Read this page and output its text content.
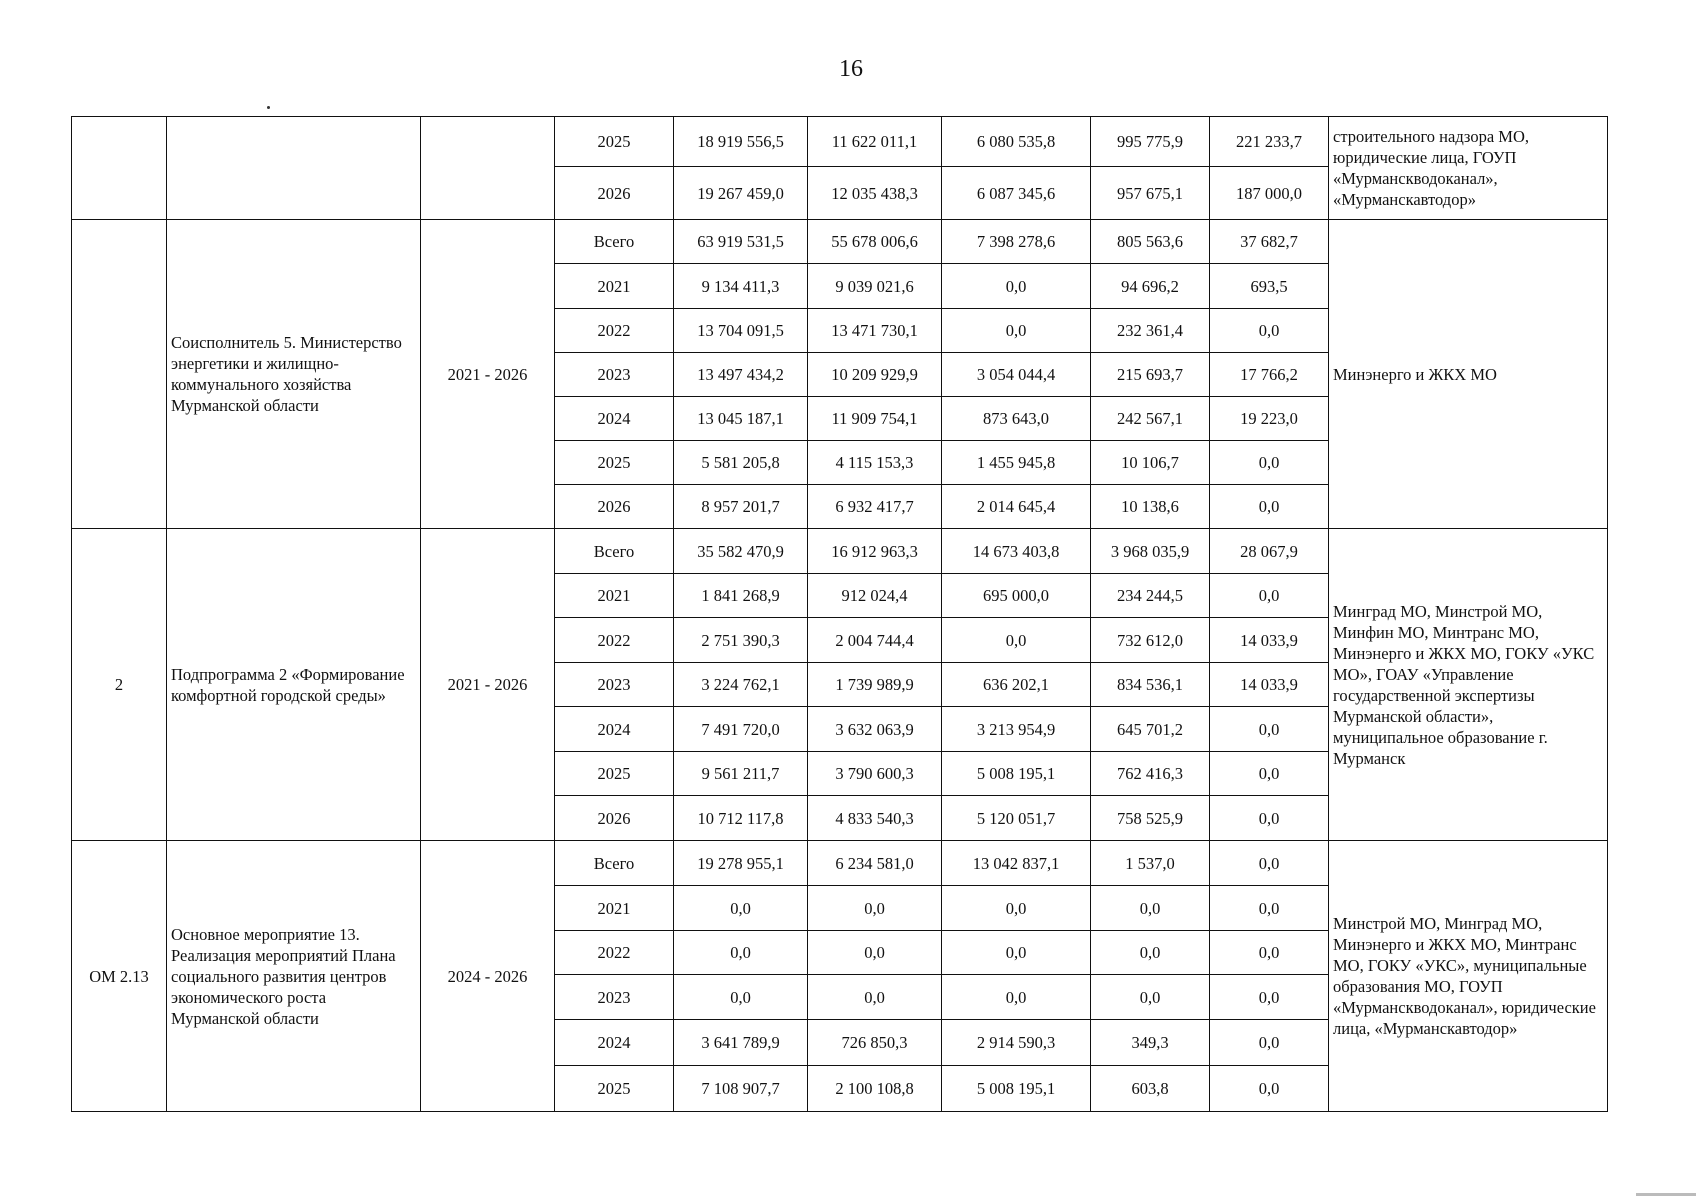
16
			2025	18 919 556,5	11 622 011,1	6 080 535,8	995 775,9	221 233,7	строительного надзора МО, юридические лица, ГОУП «Мурманскводоканал», «Мурманскавтодор»
			2026	19 267 459,0	12 035 438,3	6 087 345,6	957 675,1	187 000,0	
	Соисполнитель 5. Министерство энергетики и жилищно-коммунального хозяйства Мурманской области	2021 - 2026	Всего	63 919 531,5	55 678 006,6	7 398 278,6	805 563,6	37 682,7	Минэнерго и ЖКХ МО
			2021	9 134 411,3	9 039 021,6	0,0	94 696,2	693,5	
			2022	13 704 091,5	13 471 730,1	0,0	232 361,4	0,0	
			2023	13 497 434,2	10 209 929,9	3 054 044,4	215 693,7	17 766,2	
			2024	13 045 187,1	11 909 754,1	873 643,0	242 567,1	19 223,0	
			2025	5 581 205,8	4 115 153,3	1 455 945,8	10 106,7	0,0	
			2026	8 957 201,7	6 932 417,7	2 014 645,4	10 138,6	0,0	
2	Подпрограмма 2 «Формирование комфортной городской среды»	2021 - 2026	Всего	35 582 470,9	16 912 963,3	14 673 403,8	3 968 035,9	28 067,9	Минград МО, Минстрой МО, Минфин МО, Минтранс МО, Минэнерго и ЖКХ МО, ГОКУ «УКС МО», ГОАУ «Управление государственной экспертизы Мурманской области», муниципальное образование г. Мурманск
			2021	1 841 268,9	912 024,4	695 000,0	234 244,5	0,0	
			2022	2 751 390,3	2 004 744,4	0,0	732 612,0	14 033,9	
			2023	3 224 762,1	1 739 989,9	636 202,1	834 536,1	14 033,9	
			2024	7 491 720,0	3 632 063,9	3 213 954,9	645 701,2	0,0	
			2025	9 561 211,7	3 790 600,3	5 008 195,1	762 416,3	0,0	
			2026	10 712 117,8	4 833 540,3	5 120 051,7	758 525,9	0,0	
ОМ 2.13	Основное мероприятие 13. Реализация мероприятий Плана социального развития центров экономического роста Мурманской области	2024 - 2026	Всего	19 278 955,1	6 234 581,0	13 042 837,1	1 537,0	0,0	Минстрой МО, Минград МО, Минэнерго и ЖКХ МО, Минтранс МО, ГОКУ «УКС», муниципальные образования МО, ГОУП «Мурманскводоканал», юридические лица, «Мурманскавтодор»
			2021	0,0	0,0	0,0	0,0	0,0	
			2022	0,0	0,0	0,0	0,0	0,0	
			2023	0,0	0,0	0,0	0,0	0,0	
			2024	3 641 789,9	726 850,3	2 914 590,3	349,3	0,0	
			2025	7 108 907,7	2 100 108,8	5 008 195,1	603,8	0,0	
